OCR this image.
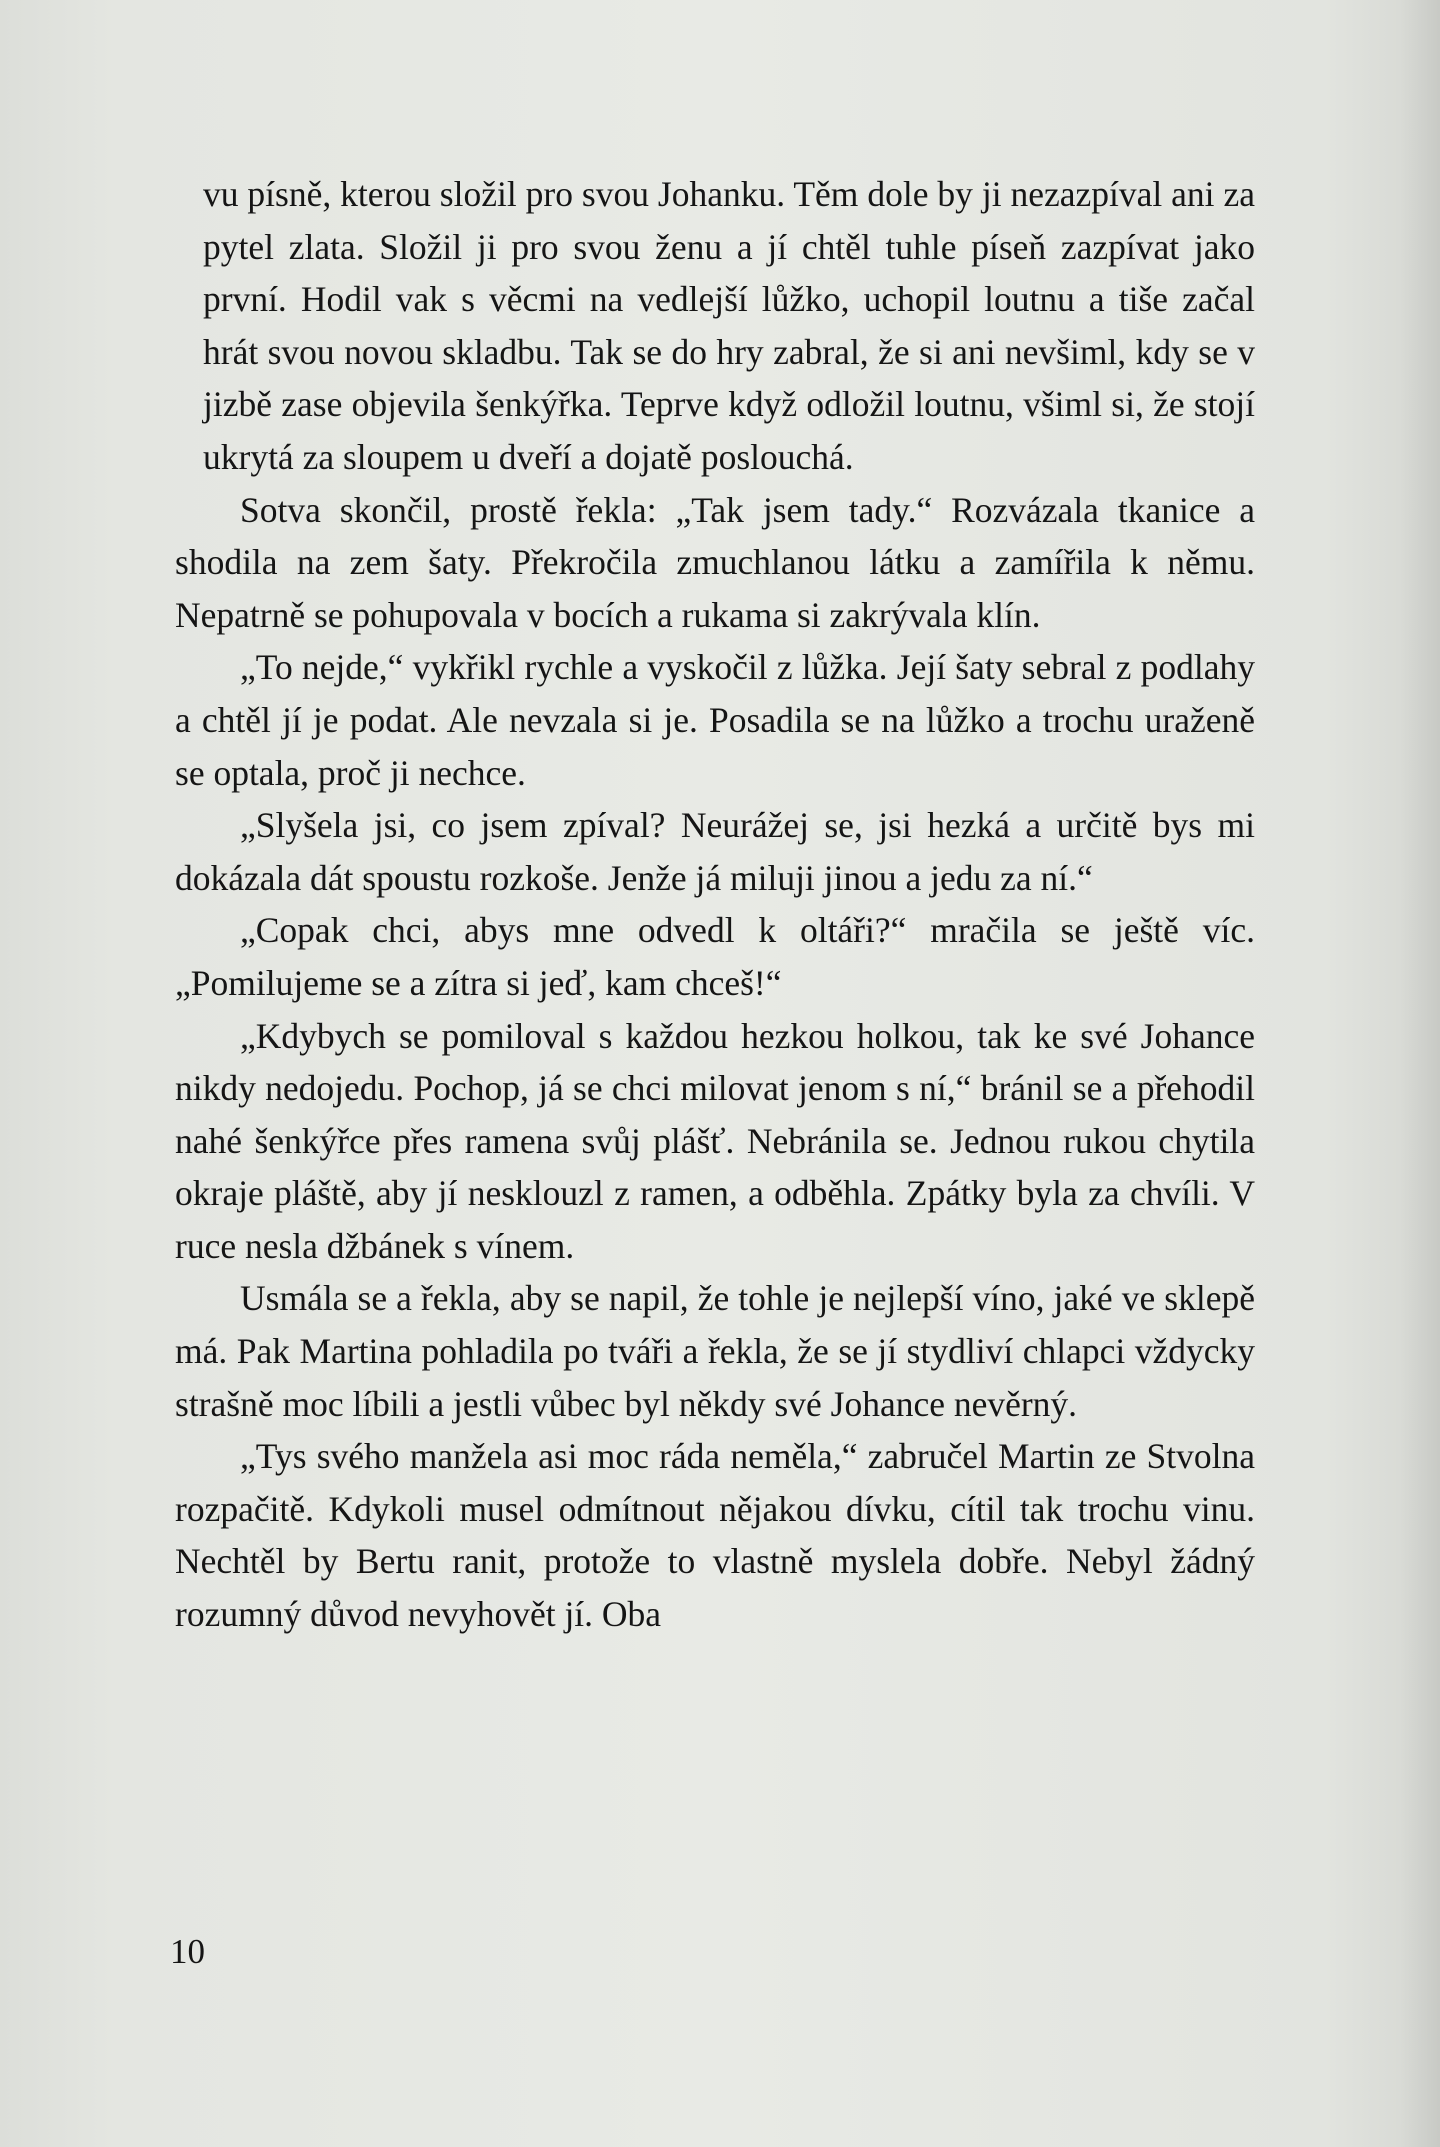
vu písně, kterou složil pro svou Johanku. Těm dole by ji nezazpíval ani za pytel zlata. Složil ji pro svou ženu a jí chtěl tuhle píseň zazpívat jako první. Hodil vak s věcmi na vedlejší lůžko, uchopil loutnu a tiše začal hrát svou novou skladbu. Tak se do hry zabral, že si ani nevšiml, kdy se v jizbě zase objevila šenkýřka. Teprve když odložil loutnu, všiml si, že stojí ukrytá za sloupem u dveří a dojatě poslouchá.

Sotva skončil, prostě řekla: „Tak jsem tady.“ Rozvázala tkanice a shodila na zem šaty. Překročila zmuchlanou látku a zamířila k němu. Nepatrně se pohupovala v bocích a rukama si zakrývala klín.

„To nejde,“ vykřikl rychle a vyskočil z lůžka. Její šaty sebral z podlahy a chtěl jí je podat. Ale nevzala si je. Posadila se na lůžko a trochu uraženě se optala, proč ji nechce.

„Slyšela jsi, co jsem zpíval? Neurážej se, jsi hezká a určitě bys mi dokázala dát spoustu rozkoše. Jenže já miluji jinou a jedu za ní.“

„Copak chci, abys mne odvedl k oltáři?“ mračila se ještě víc. „Pomilujeme se a zítra si jeď, kam chceš!“

„Kdybych se pomiloval s každou hezkou holkou, tak ke své Johance nikdy nedojedu. Pochop, já se chci milovat jenom s ní,“ bránil se a přehodil nahé šenkýřce přes ramena svůj plášť. Nebránila se. Jednou rukou chytila okraje pláště, aby jí nesklouzl z ramen, a odběhla. Zpátky byla za chvíli. V ruce nesla džbánek s vínem.

Usmála se a řekla, aby se napil, že tohle je nejlepší víno, jaké ve sklepě má. Pak Martina pohladila po tváři a řekla, že se jí stydliví chlapci vždycky strašně moc líbili a jestli vůbec byl někdy své Johance nevěrný.

„Tys svého manžela asi moc ráda neměla,“ zabručel Martin ze Stvolna rozpačitě. Kdykoli musel odmítnout nějakou dívku, cítil tak trochu vinu. Nechtěl by Bertu ranit, protože to vlastně myslela dobře. Nebyl žádný rozumný důvod nevyhovět jí. Oba

10
